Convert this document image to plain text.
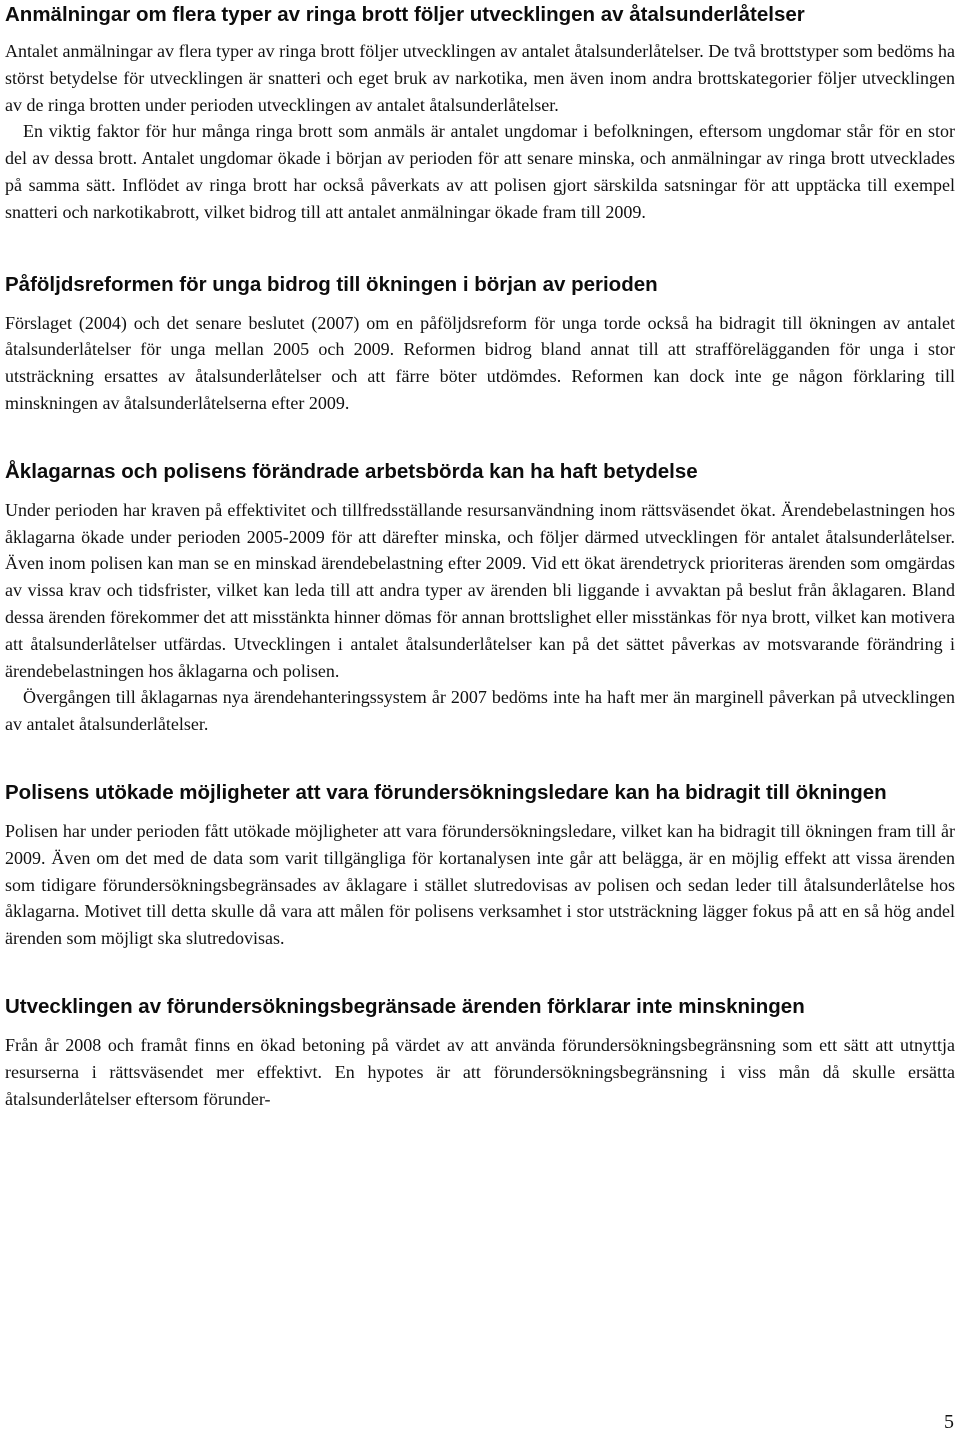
Anmälningar om flera typer av ringa brott följer utvecklingen av åtalsunderlåtelser

Antalet anmälningar av flera typer av ringa brott följer utvecklingen av antalet åtalsunderlåtelser. De två brottstyper som bedöms ha störst betydelse för utvecklingen är snatteri och eget bruk av narkotika, men även inom andra brottskategorier följer utvecklingen av de ringa brotten under perioden utvecklingen av antalet åtalsunderlåtelser.

En viktig faktor för hur många ringa brott som anmäls är antalet ungdomar i befolkningen, eftersom ungdomar står för en stor del av dessa brott. Antalet ungdomar ökade i början av perioden för att senare minska, och anmälningar av ringa brott utvecklades på samma sätt. Inflödet av ringa brott har också påverkats av att polisen gjort särskilda satsningar för att upptäcka till exempel snatteri och narkotikabrott, vilket bidrog till att antalet anmälningar ökade fram till 2009.

Påföljdsreformen för unga bidrog till ökningen i början av perioden

Förslaget (2004) och det senare beslutet (2007) om en påföljdsreform för unga torde också ha bidragit till ökningen av antalet åtalsunderlåtelser för unga mellan 2005 och 2009. Reformen bidrog bland annat till att strafförelägganden för unga i stor utsträckning ersattes av åtalsunderlåtelser och att färre böter utdömdes. Reformen kan dock inte ge någon förklaring till minskningen av åtalsunderlåtelserna efter 2009.

Åklagarnas och polisens förändrade arbetsbörda kan ha haft betydelse

Under perioden har kraven på effektivitet och tillfredsställande resursanvändning inom rättsväsendet ökat. Ärendebelastningen hos åklagarna ökade under perioden 2005-2009 för att därefter minska, och följer därmed utvecklingen för antalet åtalsunderlåtelser. Även inom polisen kan man se en minskad ärendebelastning efter 2009. Vid ett ökat ärendetryck prioriteras ärenden som omgärdas av vissa krav och tidsfrister, vilket kan leda till att andra typer av ärenden bli liggande i avvaktan på beslut från åklagaren. Bland dessa ärenden förekommer det att misstänkta hinner dömas för annan brottslighet eller misstänkas för nya brott, vilket kan motivera att åtalsunderlåtelser utfärdas. Utvecklingen i antalet åtalsunderlåtelser kan på det sättet påverkas av motsvarande förändring i ärendebelastningen hos åklagarna och polisen.

Övergången till åklagarnas nya ärendehanteringssystem år 2007 bedöms inte ha haft mer än marginell påverkan på utvecklingen av antalet åtalsunderlåtelser.

Polisens utökade möjligheter att vara förundersökningsledare kan ha bidragit till ökningen

Polisen har under perioden fått utökade möjligheter att vara förundersökningsledare, vilket kan ha bidragit till ökningen fram till år 2009. Även om det med de data som varit tillgängliga för kortanalysen inte går att belägga, är en möjlig effekt att vissa ärenden som tidigare förundersökningsbegränsades av åklagare i stället slutredovisas av polisen och sedan leder till åtalsunderlåtelse hos åklagarna. Motivet till detta skulle då vara att målen för polisens verksamhet i stor utsträckning lägger fokus på att en så hög andel ärenden som möjligt ska slutredovisas.

Utvecklingen av förundersökningsbegränsade ärenden förklarar inte minskningen

Från år 2008 och framåt finns en ökad betoning på värdet av att använda förundersökningsbegränsning som ett sätt att utnyttja resurserna i rättsväsendet mer effektivt. En hypotes är att förundersökningsbegränsning i viss mån då skulle ersätta åtalsunderlåtelser eftersom förunder-

5
